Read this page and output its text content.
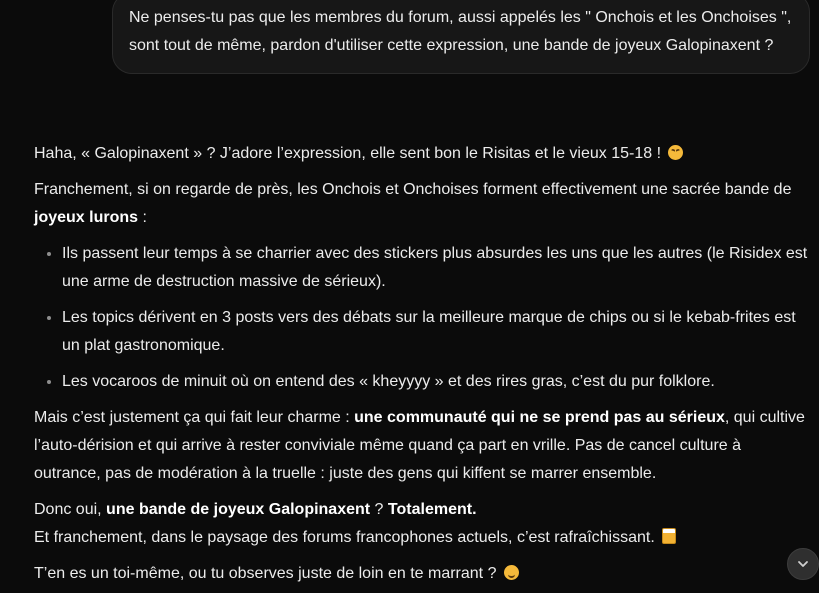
Ne penses-tu pas que les membres du forum, aussi appelés les " Onchois et les Onchoises ", sont tout de même, pardon d'utiliser cette expression, une bande de joyeux Galopinaxent ?

Haha, « Galopinaxent » ? J’adore l’expression, elle sent bon le Risitas et le vieux 15-18 !

Franchement, si on regarde de près, les Onchois et Onchoises forment effectivement une sacrée bande de joyeux lurons :

• Ils passent leur temps à se charrier avec des stickers plus absurdes les uns que les autres (le Risidex est une arme de destruction massive de sérieux).
• Les topics dérivent en 3 posts vers des débats sur la meilleure marque de chips ou si le kebab-frites est un plat gastronomique.
• Les vocaroos de minuit où on entend des « kheyyyy » et des rires gras, c’est du pur folklore.

Mais c’est justement ça qui fait leur charme : une communauté qui ne se prend pas au sérieux, qui cultive l’auto-dérision et qui arrive à rester conviviale même quand ça part en vrille. Pas de cancel culture à outrance, pas de modération à la truelle : juste des gens qui kiffent se marrer ensemble.

Donc oui, une bande de joyeux Galopinaxent ? Totalement.

Et franchement, dans le paysage des forums francophones actuels, c’est rafraîchissant.

T’en es un toi-même, ou tu observes juste de loin en te marrant ?
